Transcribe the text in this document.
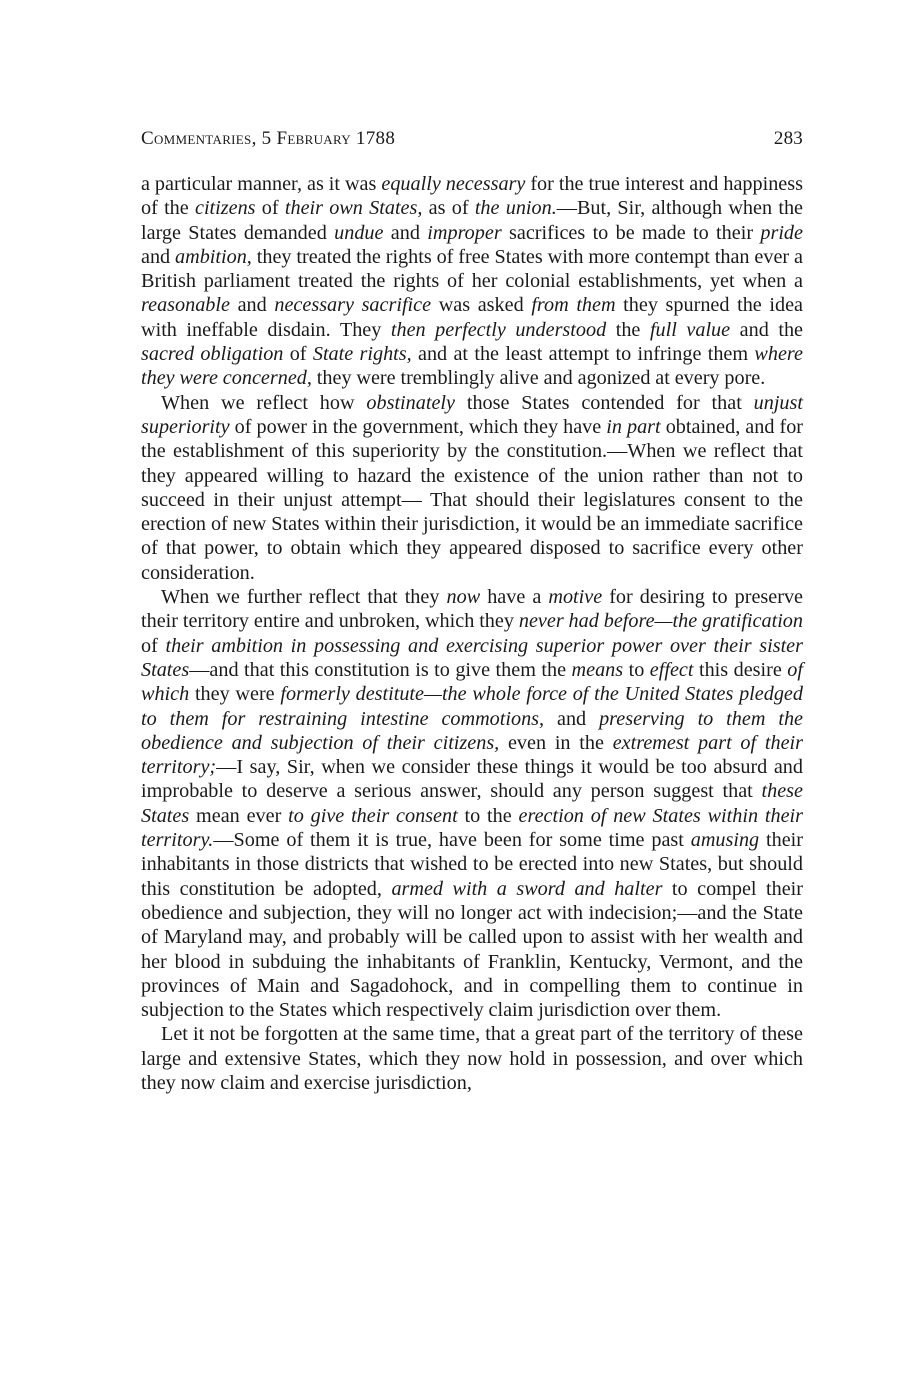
Commentaries, 5 February 1788	283

a particular manner, as it was equally necessary for the true interest and happiness of the citizens of their own States, as of the union.—But, Sir, although when the large States demanded undue and improper sacrifices to be made to their pride and ambition, they treated the rights of free States with more contempt than ever a British parliament treated the rights of her colonial establishments, yet when a reasonable and necessary sacrifice was asked from them they spurned the idea with ineffable disdain. They then perfectly understood the full value and the sacred obligation of State rights, and at the least attempt to infringe them where they were concerned, they were tremblingly alive and agonized at every pore.

When we reflect how obstinately those States contended for that unjust superiority of power in the government, which they have in part obtained, and for the establishment of this superiority by the constitution.—When we reflect that they appeared willing to hazard the existence of the union rather than not to succeed in their unjust attempt— That should their legislatures consent to the erection of new States within their jurisdiction, it would be an immediate sacrifice of that power, to obtain which they appeared disposed to sacrifice every other consideration.

When we further reflect that they now have a motive for desiring to preserve their territory entire and unbroken, which they never had before—the gratification of their ambition in possessing and exercising superior power over their sister States—and that this constitution is to give them the means to effect this desire of which they were formerly destitute—the whole force of the United States pledged to them for restraining intestine commotions, and preserving to them the obedience and subjection of their citizens, even in the extremest part of their territory;—I say, Sir, when we consider these things it would be too absurd and improbable to deserve a serious answer, should any person suggest that these States mean ever to give their consent to the erection of new States within their territory.—Some of them it is true, have been for some time past amusing their inhabitants in those districts that wished to be erected into new States, but should this constitution be adopted, armed with a sword and halter to compel their obedience and subjection, they will no longer act with indecision;—and the State of Maryland may, and probably will be called upon to assist with her wealth and her blood in subduing the inhabitants of Franklin, Kentucky, Vermont, and the provinces of Main and Sagadohock, and in compelling them to continue in subjection to the States which respectively claim jurisdiction over them.

Let it not be forgotten at the same time, that a great part of the territory of these large and extensive States, which they now hold in possession, and over which they now claim and exercise jurisdiction,
